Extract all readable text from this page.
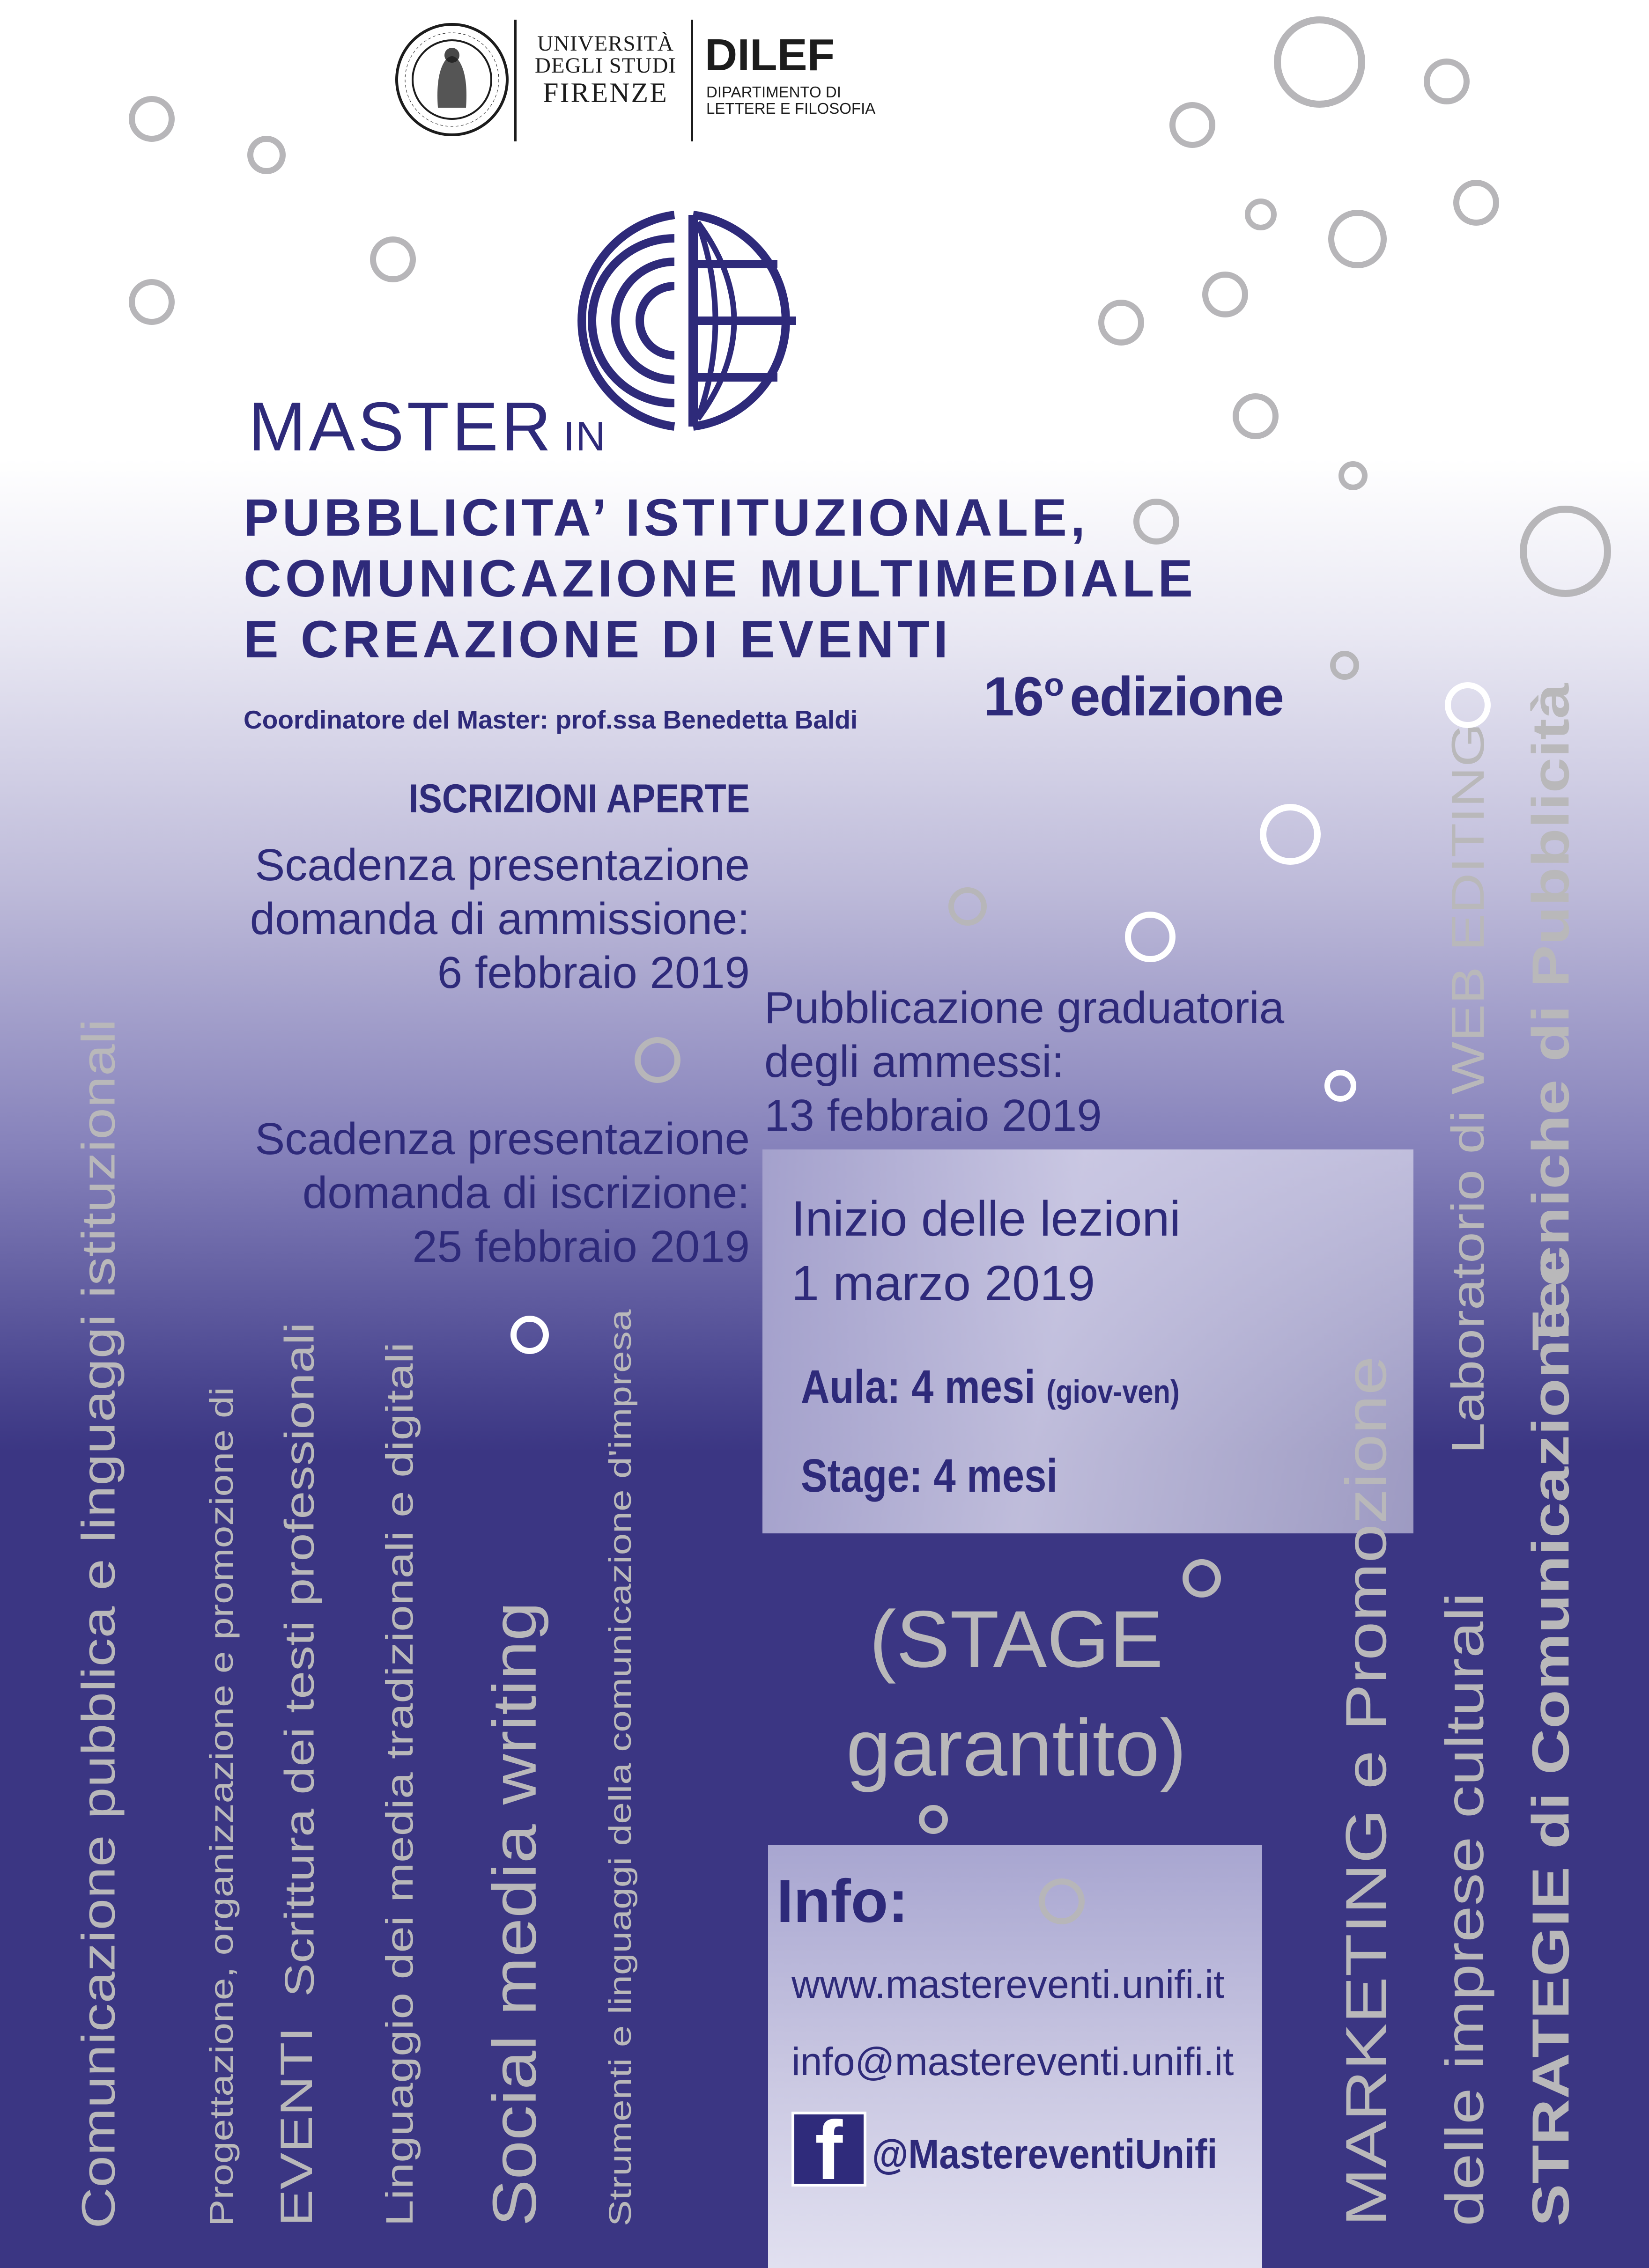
UNIVERSITÀ
DEGLI STUDI
FIRENZE
DILEF
DIPARTIMENTO DI
LETTERE E FILOSOFIA
MASTER IN
PUBBLICITA’ ISTITUZIONALE,
COMUNICAZIONE MULTIMEDIALE
E CREAZIONE DI EVENTI
Coordinatore del Master: prof.ssa Benedetta Baldi 16$^o$ edizione
ISCRIZIONI APERTE
Scadenza presentazione
domanda di ammissione:
6 febbraio 2019
Pubblicazione graduatoria
degli ammessi:
13 febbraio 2019
Scadenza presentazione
domanda di iscrizione:
25 febbraio 2019
Inizio delle lezioni
1 marzo 2019
Aula: 4 mesi (giov-ven)
Stage: 4 mesi
(STAGE
garantito)
Info:
www.mastereventi.unifi.it
info@mastereventi.unifi.it
f @MastereventiUnifi
Comunicazione pubblica e linguaggi istituzionali Progettazione, organizzazione e promozione di EVENTI
Scrittura dei testi professionali Linguaggio dei media tradizionali e digitali Social media writing Strumenti e linguaggi della comunicazione d'impresa	MARKETING e Promozione delle imprese culturali
Laboratorio di WEB EDITING
STRATEGIE di Comunicazione e
Tecniche di Pubblicità
